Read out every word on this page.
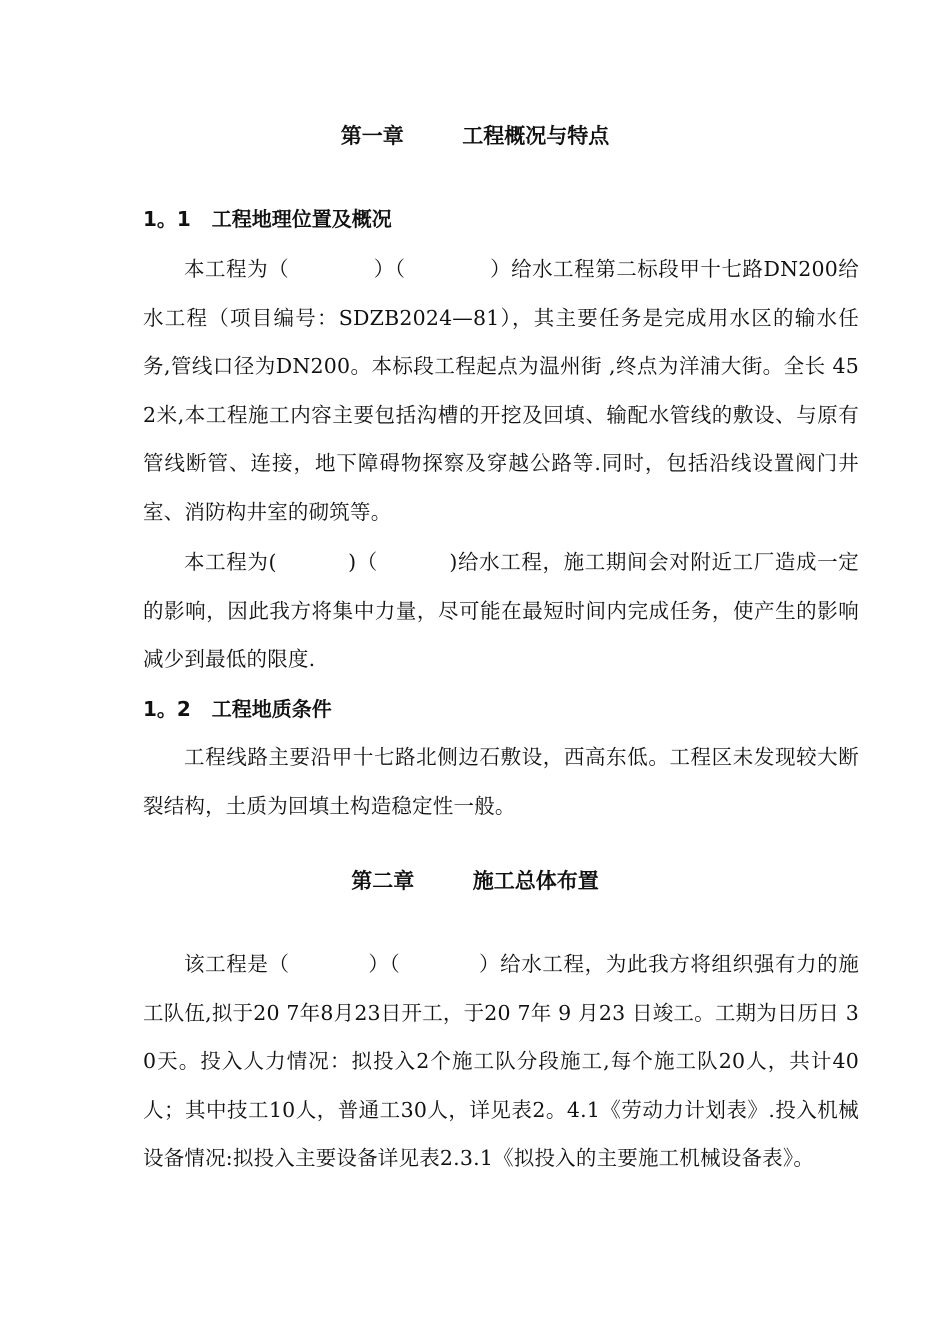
第一章        工程概况与特点
1。1   工程地理位置及概况
本工程为（            ）（            ）给水工程第二标段甲十七路DN200给水工程（项目编号：SDZB2024—81），其主要任务是完成用水区的输水任务,管线口径为DN200。本标段工程起点为温州街 ,终点为洋浦大街。全长 452米,本工程施工内容主要包括沟槽的开挖及回填、输配水管线的敷设、与原有管线断管、连接，地下障碍物探察及穿越公路等.同时，包括沿线设置阀门井室、消防构井室的砌筑等。
本工程为(          )（          )给水工程，施工期间会对附近工厂造成一定的影响，因此我方将集中力量，尽可能在最短时间内完成任务，使产生的影响减少到最低的限度.
1。2   工程地质条件
工程线路主要沿甲十七路北侧边石敷设，西高东低。工程区未发现较大断裂结构，土质为回填土构造稳定性一般。
第二章        施工总体布置
该工程是（           ）（           ）给水工程，为此我方将组织强有力的施工队伍,拟于20 7年8月23日开工，于20 7年 9 月23 日竣工。工期为日历日 30天。投入人力情况：拟投入2个施工队分段施工,每个施工队20人，共计40人；其中技工10人，普通工30人，详见表2。4.1《劳动力计划表》.投入机械设备情况:拟投入主要设备详见表2.3.1《拟投入的主要施工机械设备表》。
